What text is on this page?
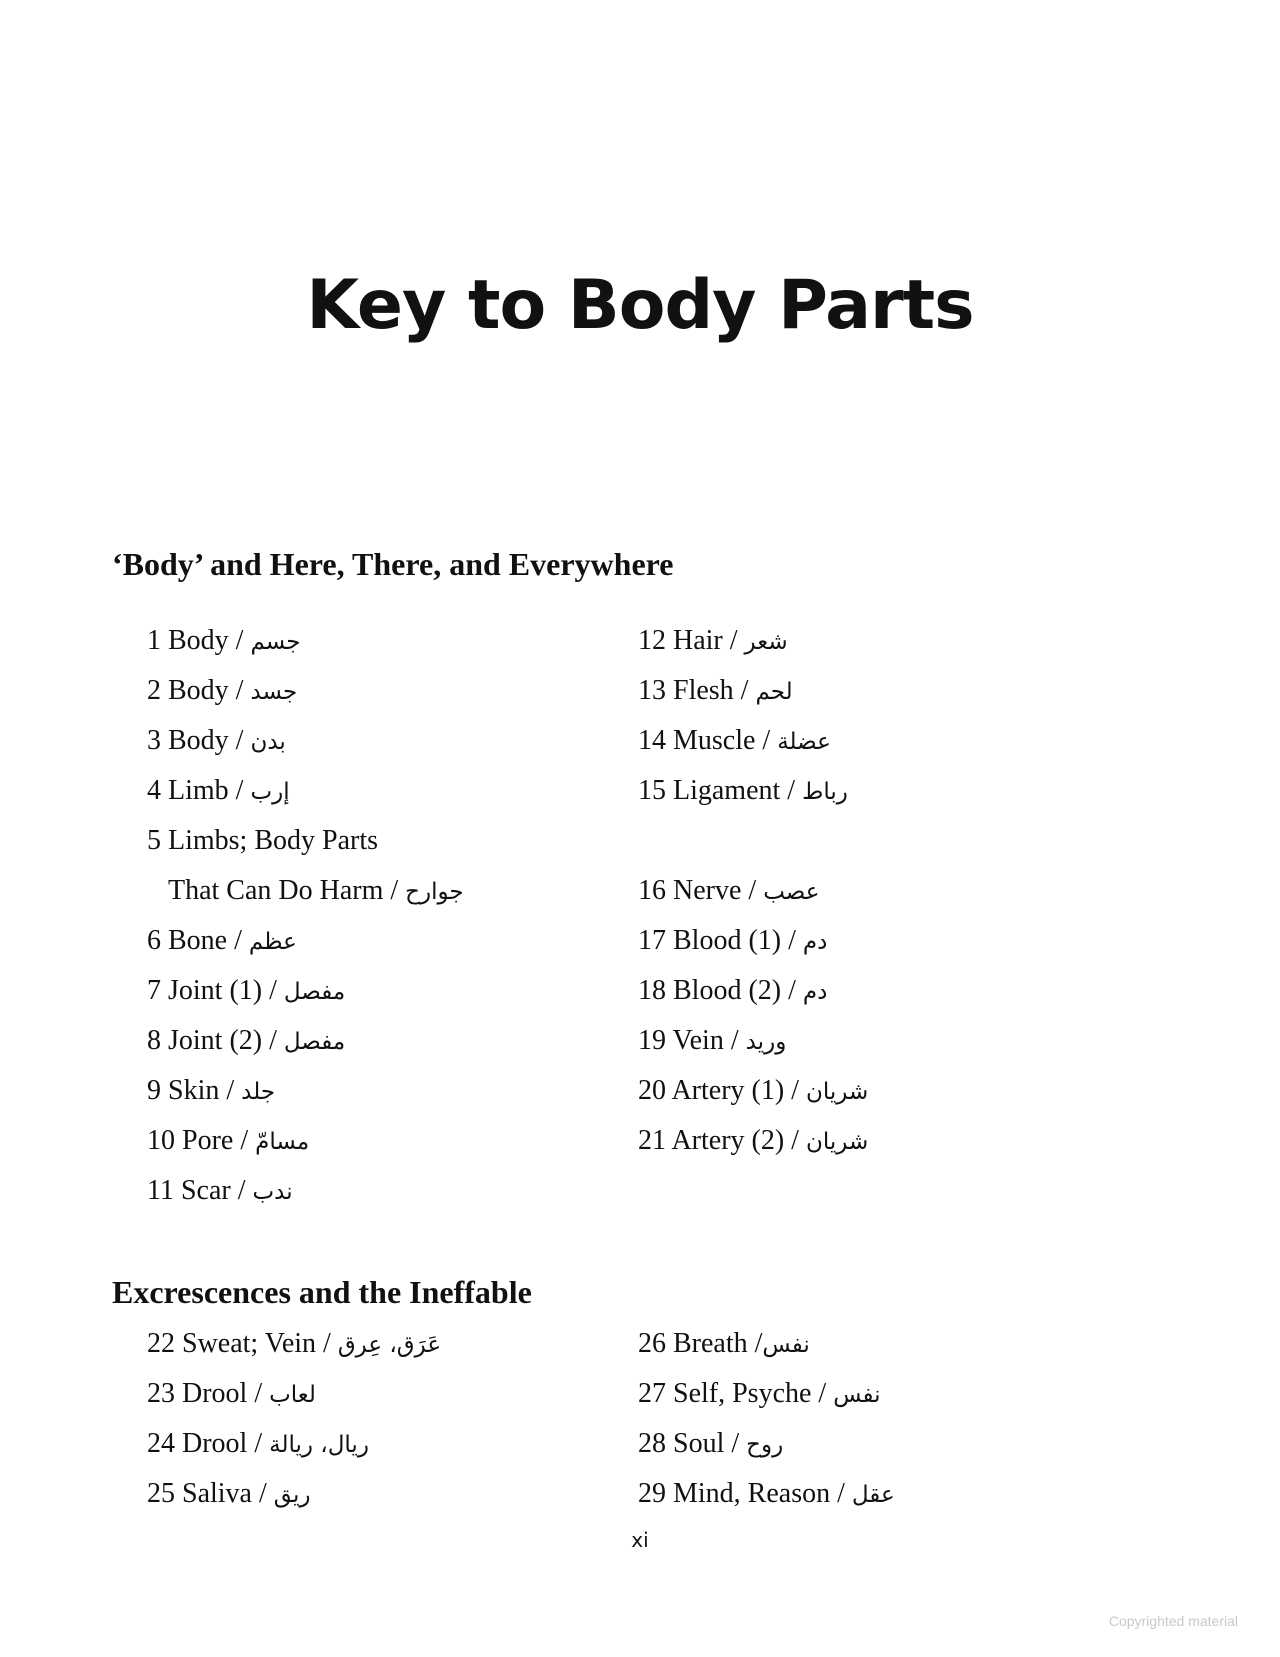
Key to Body Parts
‘Body’ and Here, There, and Everywhere
1 Body / جسم
2 Body / جسد
3 Body / بدن
4 Limb / إرب
5 Limbs; Body Parts
That Can Do Harm / جوارح
6 Bone / عظم
7 Joint (1) / مفصل
8 Joint (2) / مفصل
9 Skin / جلد
10 Pore / مسامّ
11 Scar / ندب
12 Hair / شعر
13 Flesh / لحم
14 Muscle / عضلة
15 Ligament / رباط
16 Nerve / عصب
17 Blood (1) / دم
18 Blood (2) / دم
19 Vein / وريد
20 Artery (1) / شريان
21 Artery (2) / شريان
Excrescences and the Ineffable
22 Sweat; Vein / عَرَق، عِرق
23 Drool / لعاب
24 Drool / ريال، ريالة
25 Saliva / ريق
26 Breath /نفس
27 Self, Psyche / نفس
28 Soul / روح
29 Mind, Reason / عقل
xi
Copyrighted material
